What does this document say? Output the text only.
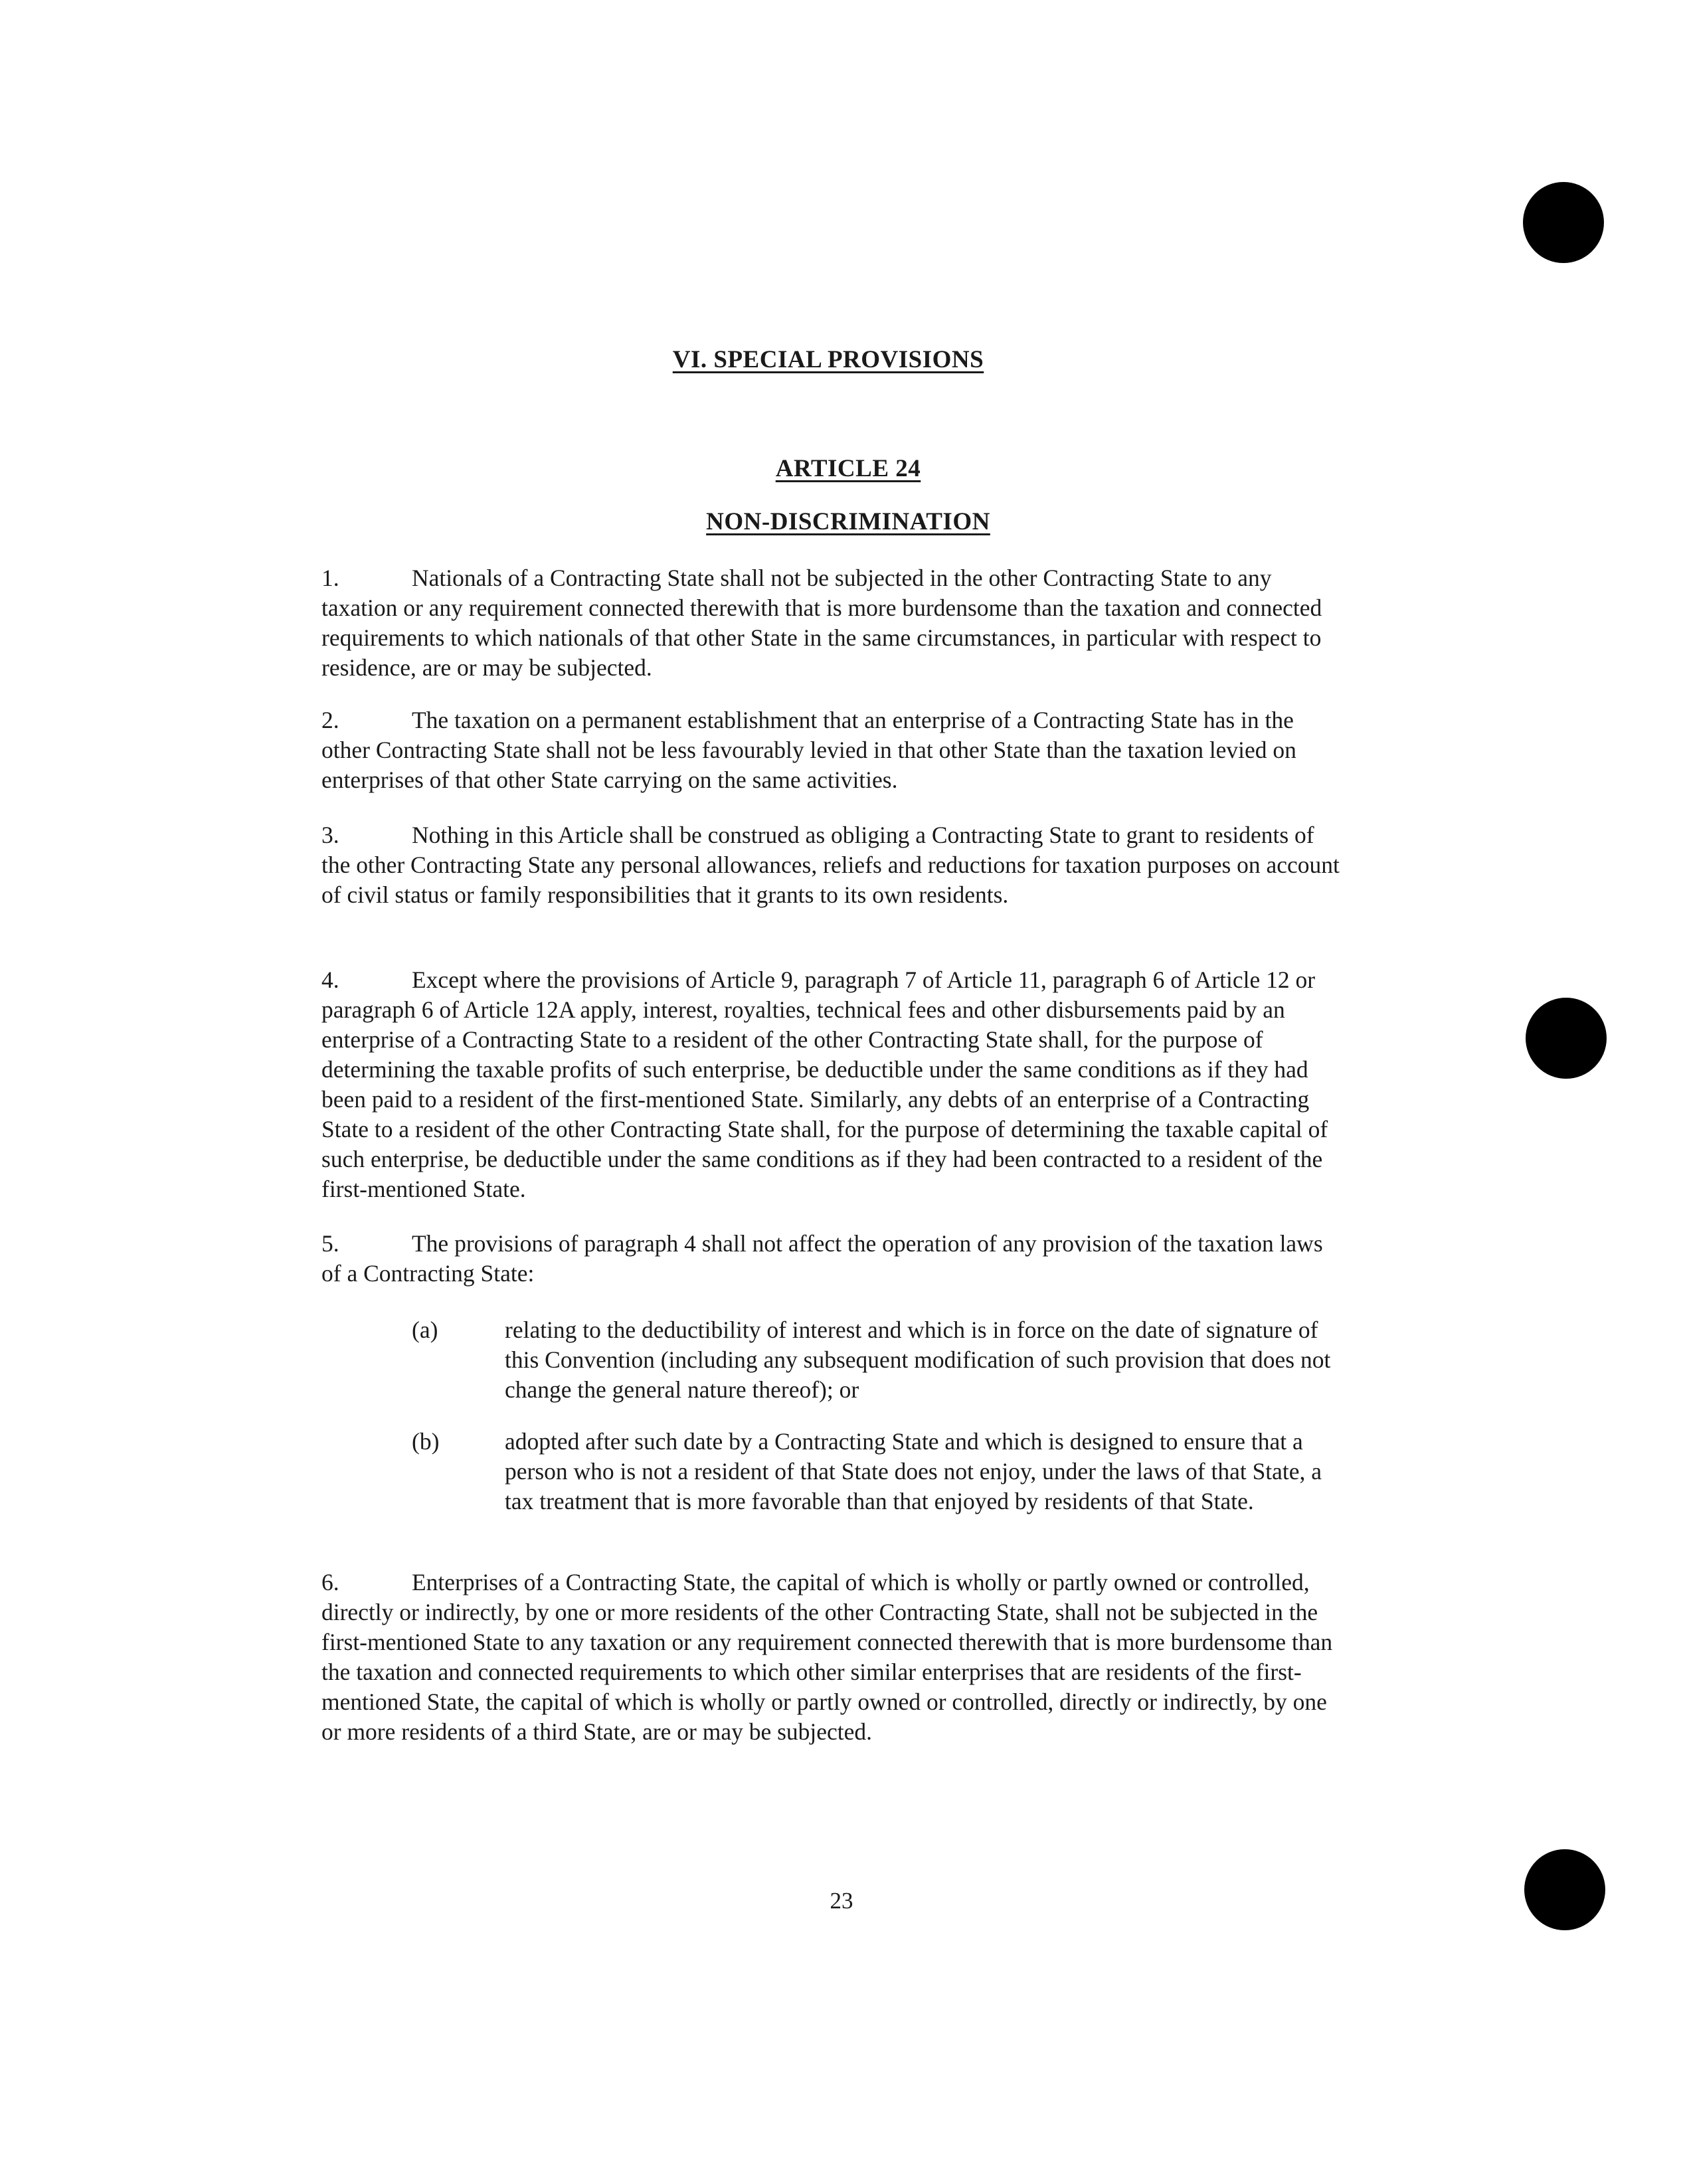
VI. SPECIAL PROVISIONS
ARTICLE 24
NON-DISCRIMINATION

1.	Nationals of a Contracting State shall not be subjected in the other Contracting State to any taxation or any requirement connected therewith that is more burdensome than the taxation and connected requirements to which nationals of that other State in the same circumstances, in particular with respect to residence, are or may be subjected.

2.	The taxation on a permanent establishment that an enterprise of a Contracting State has in the other Contracting State shall not be less favourably levied in that other State than the taxation levied on enterprises of that other State carrying on the same activities.

3.	Nothing in this Article shall be construed as obliging a Contracting State to grant to residents of the other Contracting State any personal allowances, reliefs and reductions for taxation purposes on account of civil status or family responsibilities that it grants to its own residents.

4.	Except where the provisions of Article 9, paragraph 7 of Article 11, paragraph 6 of Article 12 or paragraph 6 of Article 12A apply, interest, royalties, technical fees and other disbursements paid by an enterprise of a Contracting State to a resident of the other Contracting State shall, for the purpose of determining the taxable profits of such enterprise, be deductible under the same conditions as if they had been paid to a resident of the first-mentioned State. Similarly, any debts of an enterprise of a Contracting State to a resident of the other Contracting State shall, for the purpose of determining the taxable capital of such enterprise, be deductible under the same conditions as if they had been contracted to a resident of the first-mentioned State.

5.	The provisions of paragraph 4 shall not affect the operation of any provision of the taxation laws of a Contracting State:

(a)	relating to the deductibility of interest and which is in force on the date of signature of this Convention (including any subsequent modification of such provision that does not change the general nature thereof); or
(b)	adopted after such date by a Contracting State and which is designed to ensure that a person who is not a resident of that State does not enjoy, under the laws of that State, a tax treatment that is more favorable than that enjoyed by residents of that State.

6.	Enterprises of a Contracting State, the capital of which is wholly or partly owned or controlled, directly or indirectly, by one or more residents of the other Contracting State, shall not be subjected in the first-mentioned State to any taxation or any requirement connected therewith that is more burdensome than the taxation and connected requirements to which other similar enterprises that are residents of the first-mentioned State, the capital of which is wholly or partly owned or controlled, directly or indirectly, by one or more residents of a third State, are or may be subjected.

23
